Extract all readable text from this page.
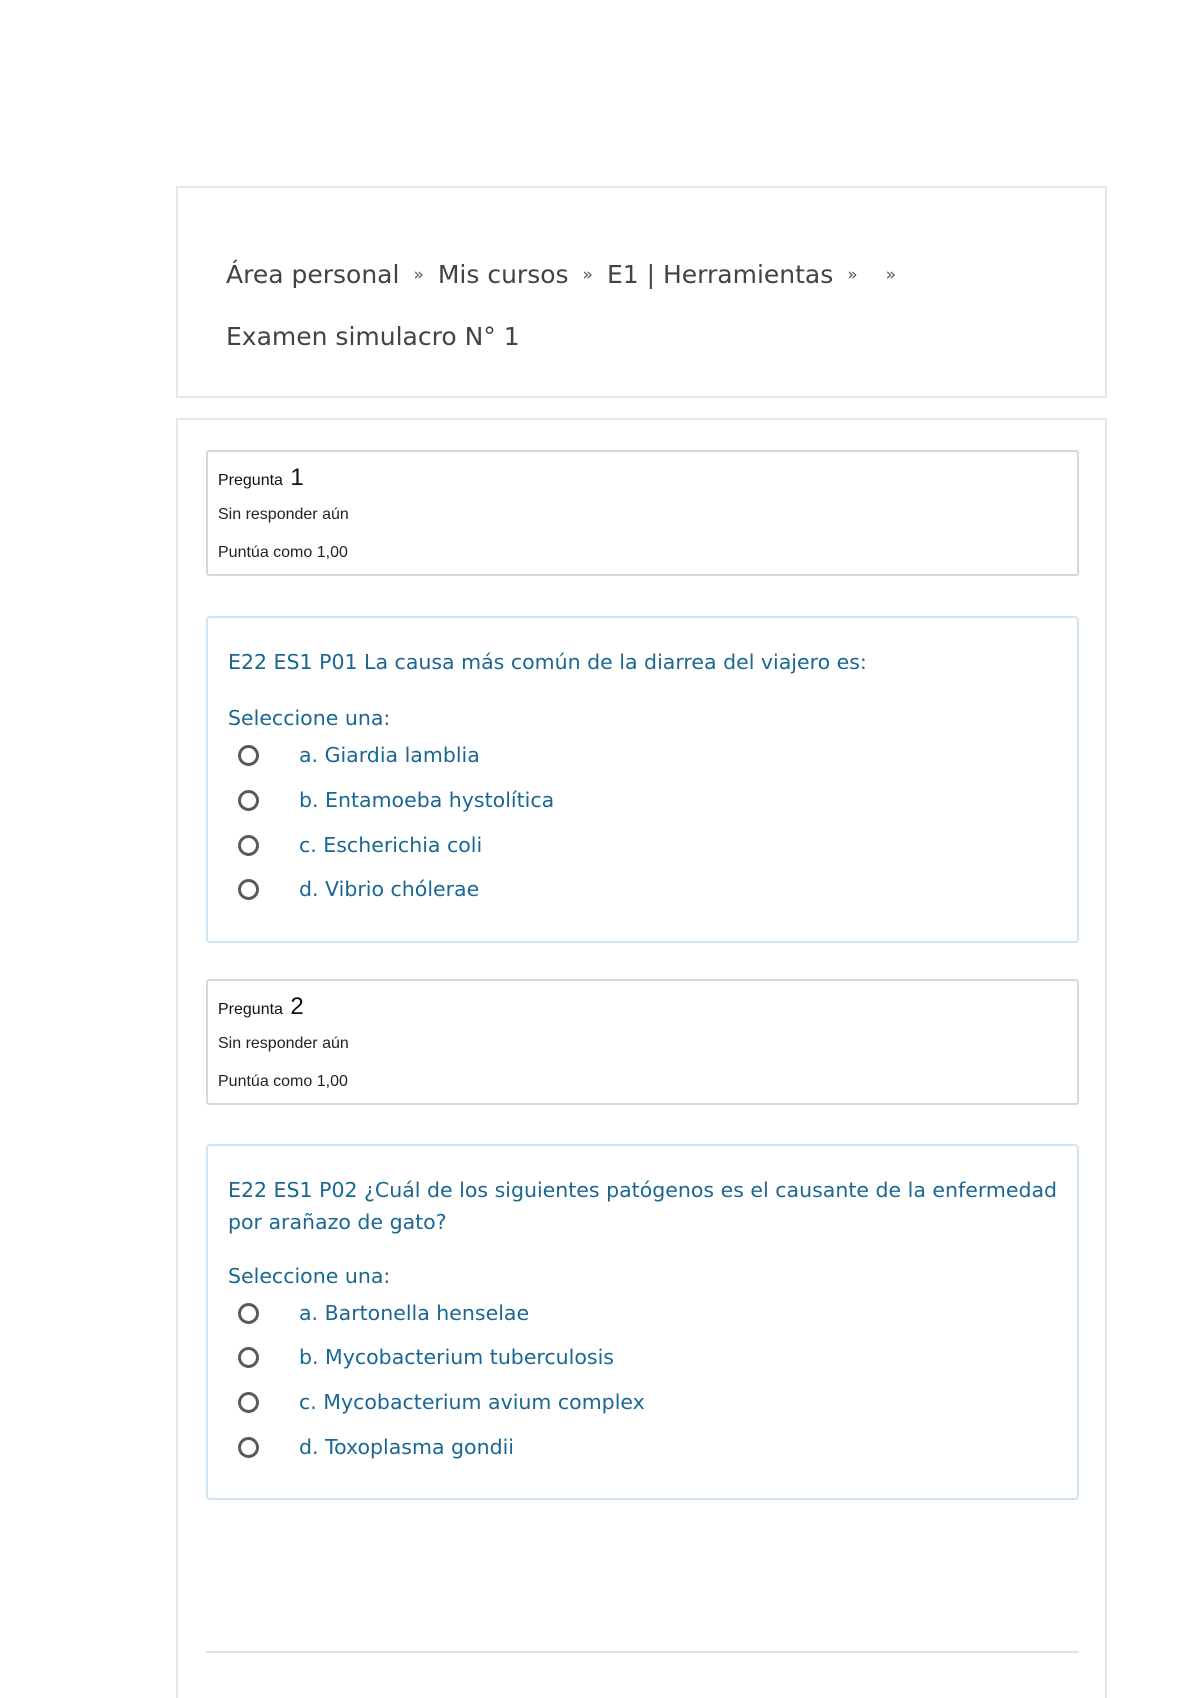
Área personal » Mis cursos » E1 | Herramientas » »
Examen simulacro N° 1
Pregunta 1
Sin responder aún
Puntúa como 1,00
E22 ES1 P01 La causa más común de la diarrea del viajero es:
Seleccione una:
a. Giardia lamblia
b. Entamoeba hystolítica
c. Escherichia coli
d. Vibrio chólerae
Pregunta 2
Sin responder aún
Puntúa como 1,00
E22 ES1 P02 ¿Cuál de los siguientes patógenos es el causante de la enfermedad por arañazo de gato?
Seleccione una:
a. Bartonella henselae
b. Mycobacterium tuberculosis
c. Mycobacterium avium complex
d. Toxoplasma gondii
